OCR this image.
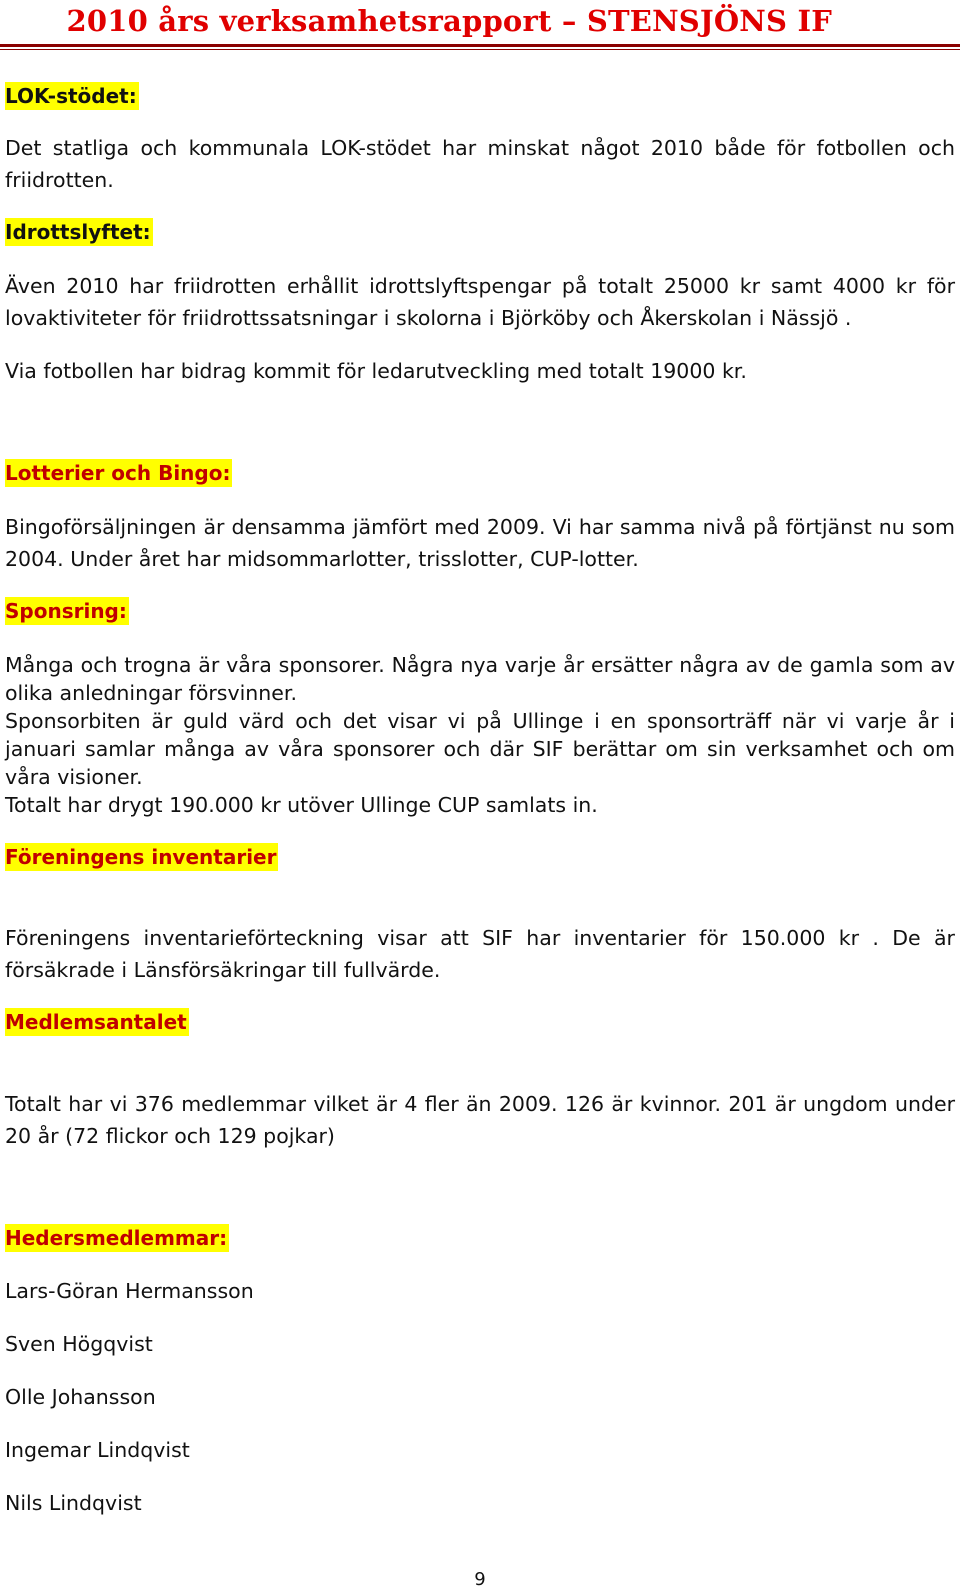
2010 års verksamhetsrapport – STENSJÖNS IF

LOK-stödet:

Det statliga och kommunala LOK-stödet har minskat något 2010 både för fotbollen och friidrotten.

Idrottslyftet:

Även 2010 har friidrotten erhållit idrottslyftspengar på totalt 25000 kr samt 4000 kr för lovaktiviteter för friidrottssatsningar i skolorna i Björköby och Åkerskolan i Nässjö .

Via fotbollen har bidrag kommit för ledarutveckling med totalt 19000 kr.

Lotterier och Bingo:

Bingoförsäljningen är densamma jämfört med 2009. Vi har samma nivå på förtjänst nu som 2004. Under året har midsommarlotter, trisslotter, CUP-lotter.

Sponsring:

Många och trogna är våra sponsorer. Några nya varje år ersätter några av de gamla som av olika anledningar försvinner.

Sponsorbiten är guld värd och det visar vi på Ullinge i en sponsorträff när vi varje år i januari samlar många av våra sponsorer och där SIF berättar om sin verksamhet och om våra visioner.

Totalt har drygt 190.000 kr utöver Ullinge CUP samlats in.

Föreningens inventarier

Föreningens inventarieförteckning visar att SIF har inventarier för 150.000 kr . De är försäkrade i Länsförsäkringar till fullvärde.

Medlemsantalet

Totalt har vi 376 medlemmar vilket är 4 fler än 2009. 126 är kvinnor. 201 är ungdom under 20 år (72 flickor och 129 pojkar)

Hedersmedlemmar:

Lars-Göran Hermansson

Sven Högqvist

Olle Johansson

Ingemar Lindqvist

Nils Lindqvist

9
